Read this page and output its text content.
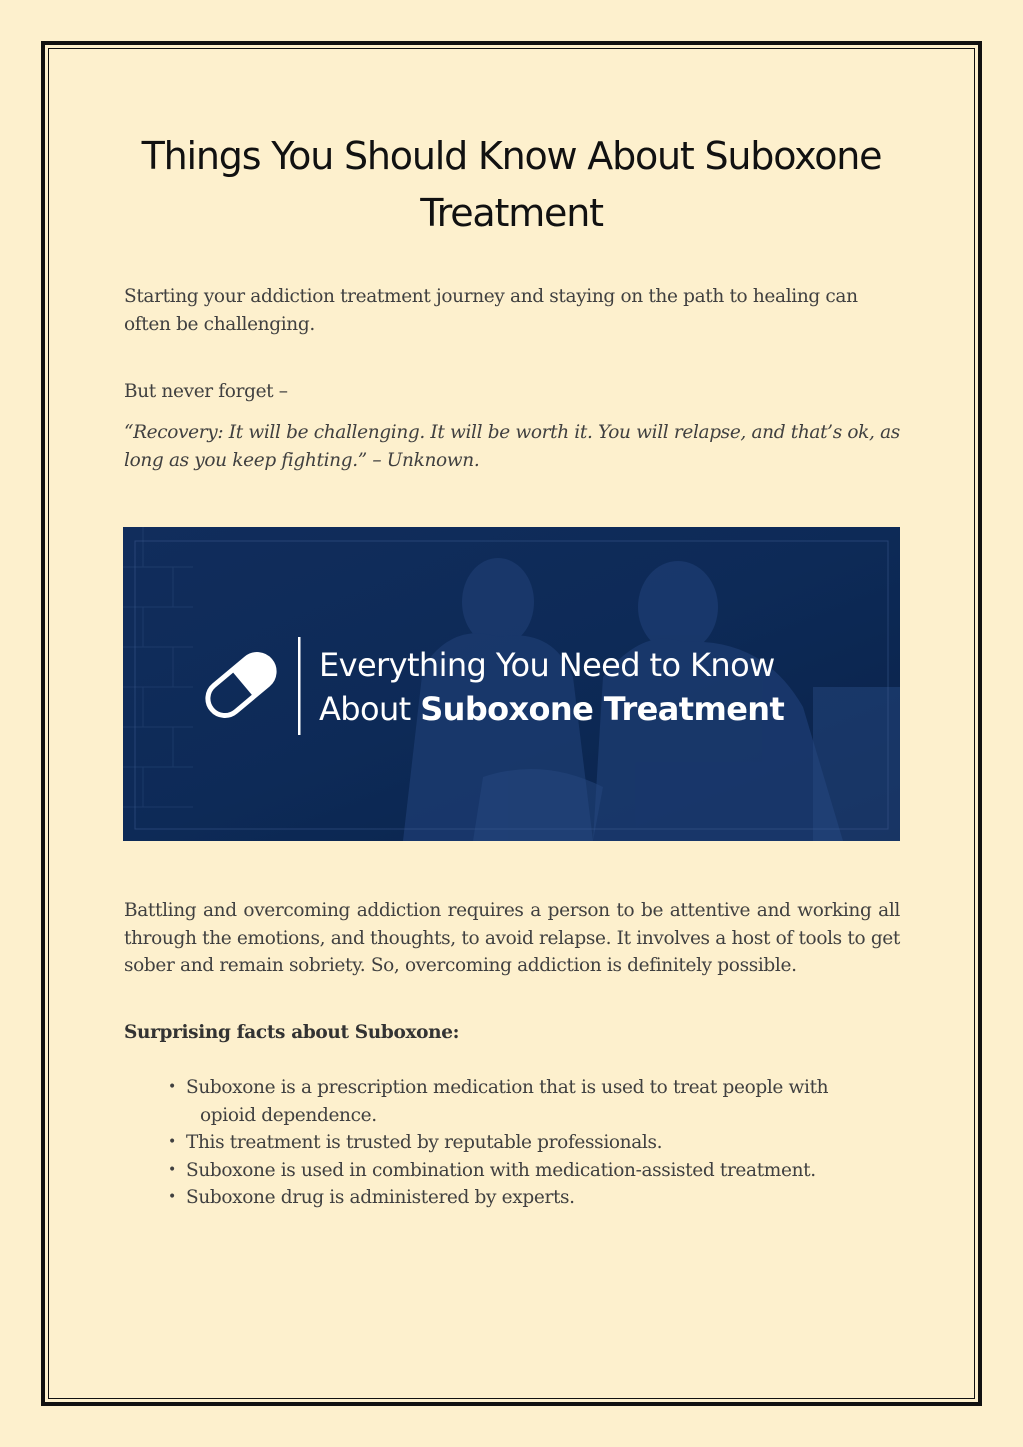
Things You Should Know About Suboxone
Treatment

Starting your addiction treatment journey and staying on the path to healing can often be challenging.

But never forget –

“Recovery: It will be challenging. It will be worth it. You will relapse, and that’s ok, as long as you keep fighting.” – Unknown.

Everything You Need to Know
About Suboxone Treatment

Battling and overcoming addiction requires a person to be attentive and working all through the emotions, and thoughts, to avoid relapse. It involves a host of tools to get sober and remain sobriety. So, overcoming addiction is definitely possible.

Surprising facts about Suboxone:

• Suboxone is a prescription medication that is used to treat people with
opioid dependence.
• This treatment is trusted by reputable professionals.
• Suboxone is used in combination with medication-assisted treatment.
• Suboxone drug is administered by experts.
